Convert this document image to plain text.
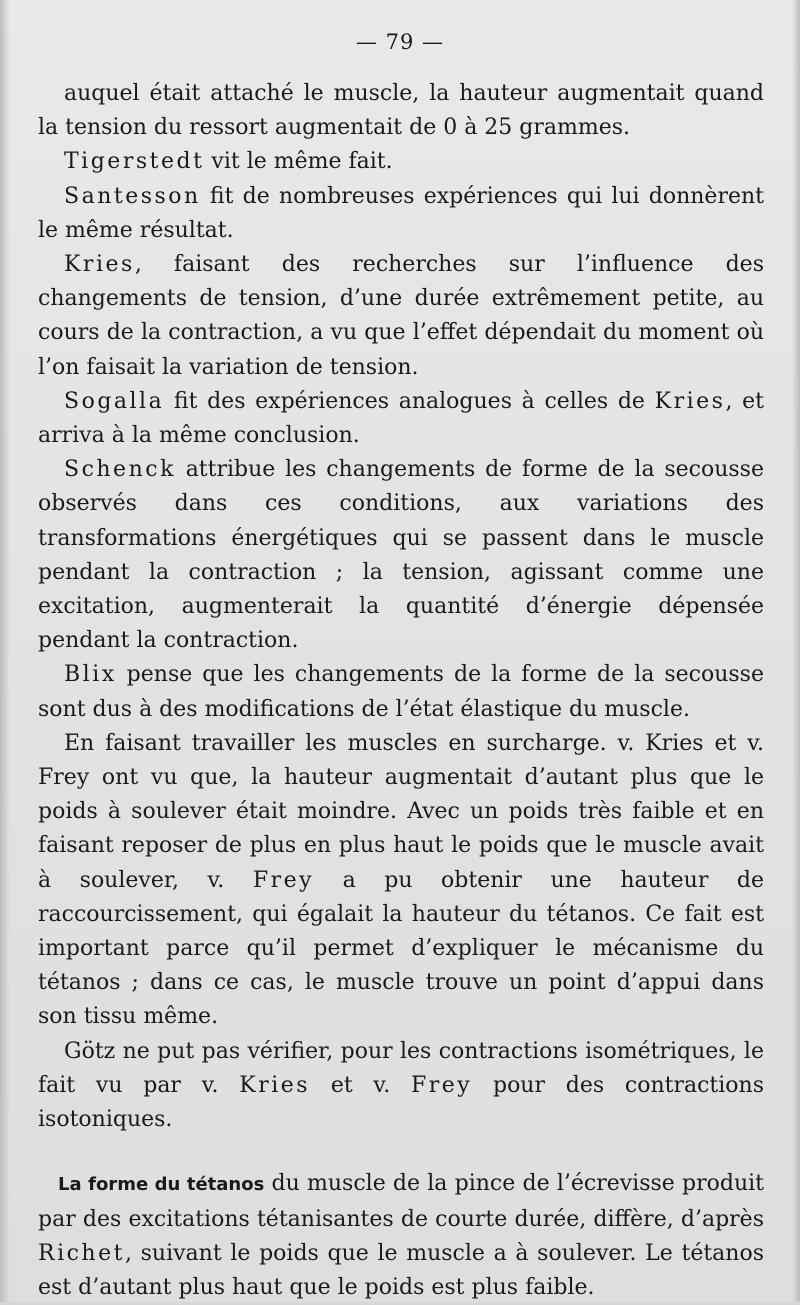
— 79 —

auquel était attaché le muscle, la hauteur augmentait quand la tension du ressort augmentait de 0 à 25 grammes.

Tigerstedt vit le même fait.

Santesson fit de nombreuses expériences qui lui donnèrent le même résultat.

Kries, faisant des recherches sur l’influence des changements de tension, d’une durée extrêmement petite, au cours de la contraction, a vu que l’effet dépendait du moment où l’on faisait la variation de tension.

Sogalla fit des expériences analogues à celles de Kries, et arriva à la même conclusion.

Schenck attribue les changements de forme de la secousse observés dans ces conditions, aux variations des transformations énergétiques qui se passent dans le muscle pendant la contraction ; la tension, agissant comme une excitation, augmenterait la quantité d’énergie dépensée pendant la contraction.

Blix pense que les changements de la forme de la secousse sont dus à des modifications de l’état élastique du muscle.

En faisant travailler les muscles en surcharge. v. Kries et v. Frey ont vu que, la hauteur augmentait d’autant plus que le poids à soulever était moindre. Avec un poids très faible et en faisant reposer de plus en plus haut le poids que le muscle avait à soulever, v. Frey a pu obtenir une hauteur de raccourcissement, qui égalait la hauteur du tétanos. Ce fait est important parce qu’il permet d’expliquer le mécanisme du tétanos ; dans ce cas, le muscle trouve un point d’appui dans son tissu même.

Götz ne put pas vérifier, pour les contractions isométriques, le fait vu par v. Kries et v. Frey pour des contractions isotoniques.

La forme du tétanos du muscle de la pince de l’écrevisse produit par des excitations tétanisantes de courte durée, diffère, d’après Richet, suivant le poids que le muscle a à soulever. Le tétanos est d’autant plus haut que le poids est plus faible.
